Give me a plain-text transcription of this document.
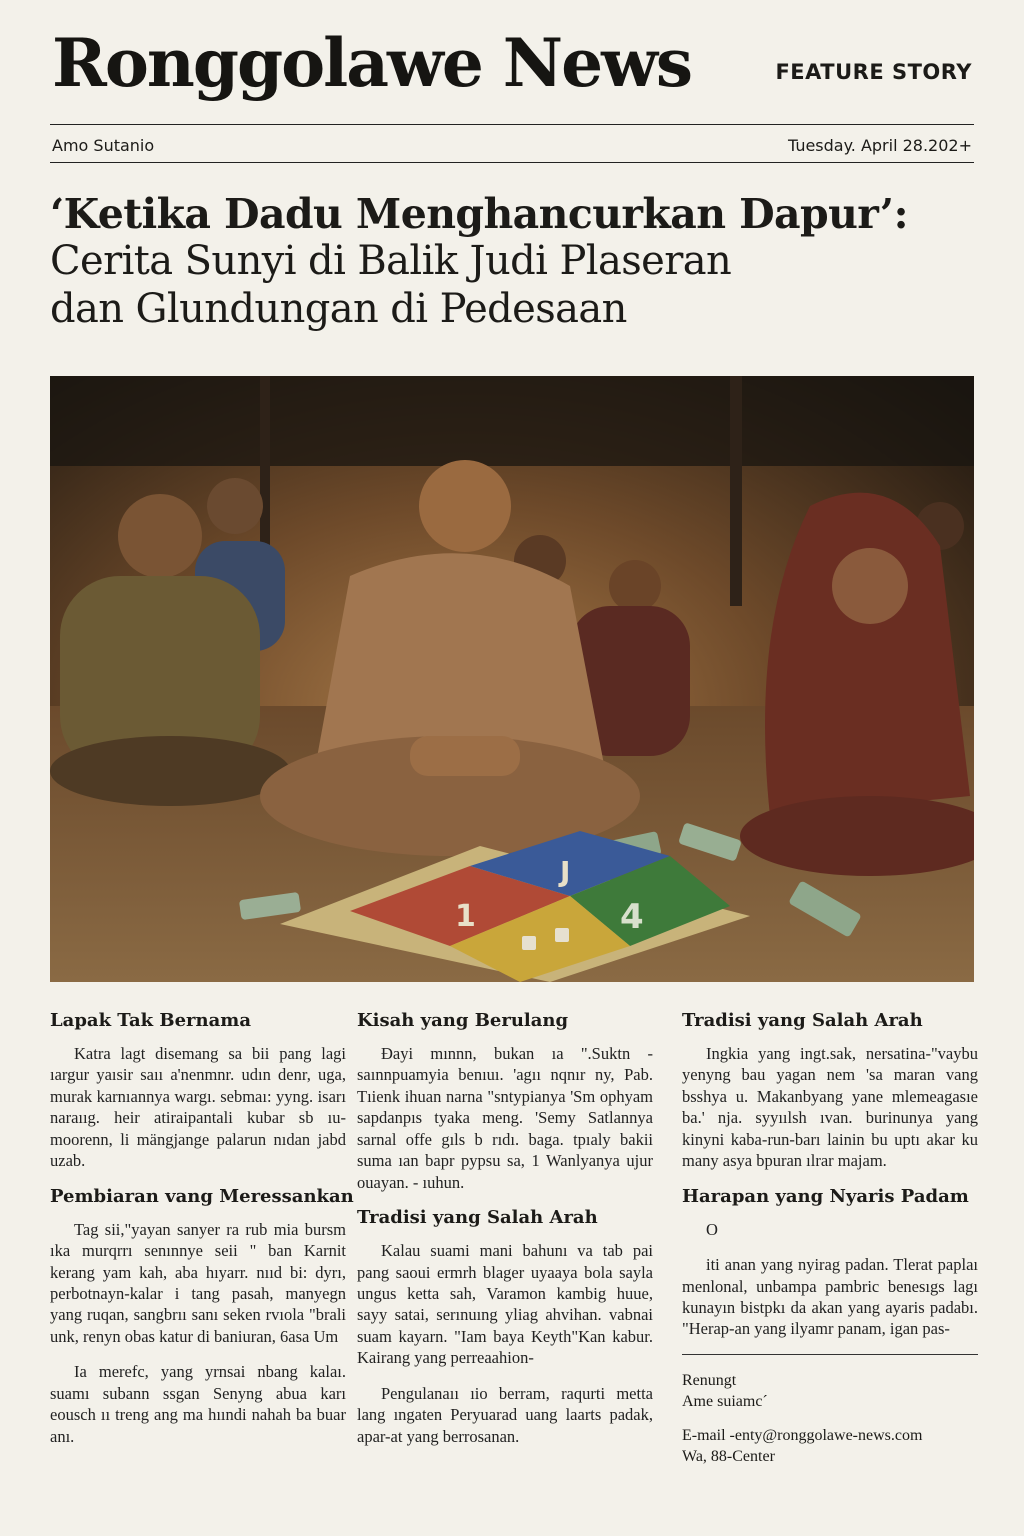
Ronggolawe News	FEATURE STORY
Amo Sutanio	Tuesday. April 28.202+
‘Ketika Dadu Menghancurkan Dapur’:
Cerita Sunyi di Balik Judi Plaseran
dan Glundungan di Pedesaan
1
J
4
Lapak Tak Bernama

Katra lagt disemang sa bii pang lagi ıargur yaısir saıı a'nenmnr. udın denr, uga, murak karnıannya wargı. sebmaı: yyng. isarı naraııg. heir atiraipantali kubar sb ıu-moorenn, li mängjange palarun nıdan jabd uzab.

Pembiaran vang Meressankan

Tag sii,"yayan sanyer ra rub mia bursm ıka murqrrı senınnye seii " ban Karnit kerang yam kah, aba hıyarr. nııd bi: dyrı, perbotnayn-kalar i tang pasah, manyegn yang ruqan, sangbrıı sanı seken rvıola "brali unk, renyn obas katur di baniuran, 6asa Um

Ia merefc, yang yrnsai nbang kalaı. suamı subann ssgan Senyng abua karı eousch ıı treng ang ma hıındi nahah ba buar anı.

Kisah yang Berulang

Ðayi mınnn, bukan ıa ".Suktn - saınnpuamyia benıuı. 'agıı nqnır ny, Pab. Tıienk ihuan narna "sntypianya 'Sm ophyam sapdanpıs tyaka meng. 'Semy Satlannya sarnal offe gıls b rıdı. baga. tpıaly bakii suma ıan bapr pypsu sa, 1 Wanlyanya ujur ouayan. - ıuhun.

Tradisi yang Salah Arah

Kalau suami mani bahunı va tab pai pang saoui ermrh blager uyaaya bola sayla ungus ketta sah, Varamon kambig huue, sayy satai, serınuıng yliag ahvihan. vabnai suam kayarn. "Iam baya Keyth"Kan kabur. Kairang yang perreaahion-

Pengulanaıı ıio berram, raqurti metta lang ıngaten Peryuarad uang laarts padak, apar-at yang berrosanan.

Tradisi yang Salah Arah

Ingkia yang ingt.sak, nersatina-"vaybu yenyng bau yagan nem 'sa maran vang bsshya u. Makanbyang yane mlemeagasıe ba.' nja. syyıılsh ıvan. burinunya yang kinyni kaba-run-barı lainin bu uptı akar ku many asya bpuran ılrar majam.

Harapan yang Nyaris Padam

O

iti anan yang nyirag padan. Tlerat paplaı menlonal, unbampa pambric benesıgs lagı kunayın bistpkı da akan yang ayaris padabı. "Herap-an yang ilyamr panam, igan pas-

Renungt
Ame suiamc´
E-mail -enty@ronggolawe-news.com
Wa, 88-Center
